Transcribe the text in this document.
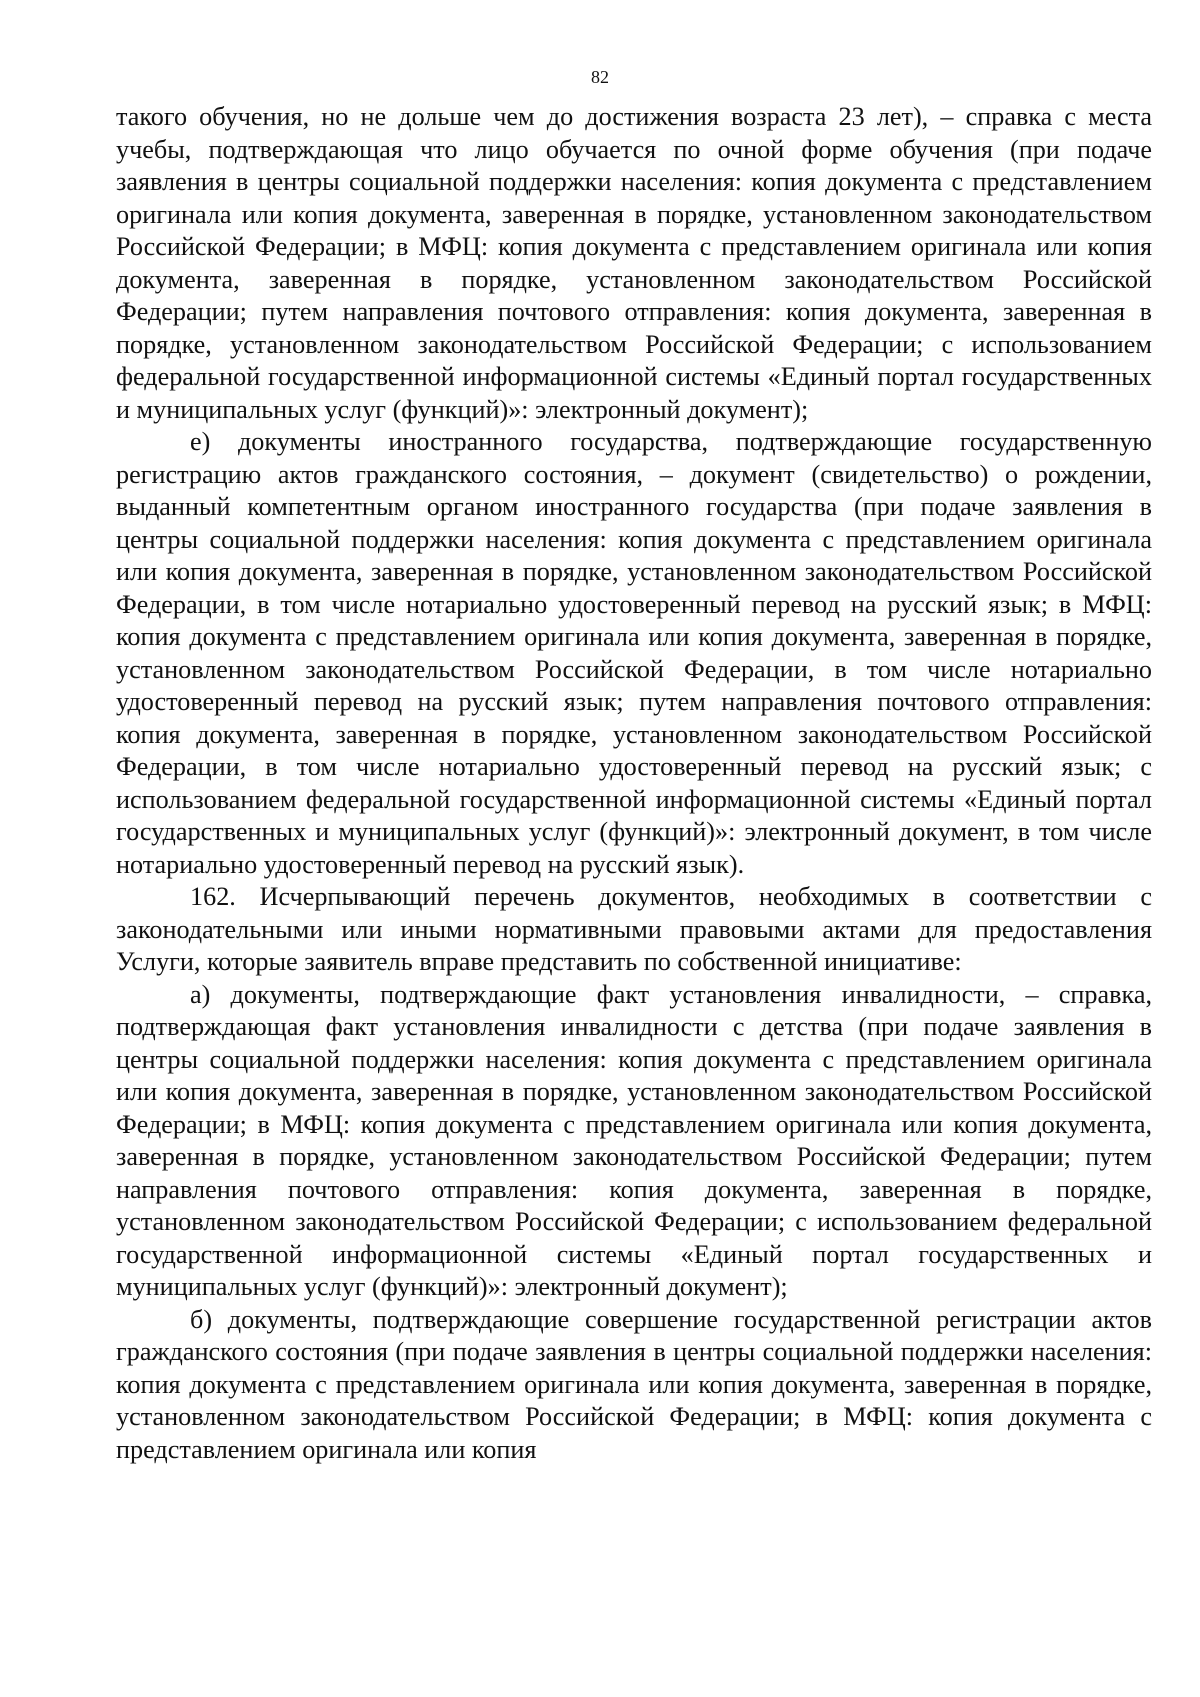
82

такого обучения, но не дольше чем до достижения возраста 23 лет), – справка с места учебы, подтверждающая что лицо обучается по очной форме обучения (при подаче заявления в центры социальной поддержки населения: копия документа с представлением оригинала или копия документа, заверенная в порядке, установленном законодательством Российской Федерации; в МФЦ: копия документа с представлением оригинала или копия документа, заверенная в порядке, установленном законодательством Российской Федерации; путем направления почтового отправления: копия документа, заверенная в порядке, установленном законодательством Российской Федерации; с использованием федеральной государственной информационной системы «Единый портал государственных и муниципальных услуг (функций)»: электронный документ);

е) документы иностранного государства, подтверждающие государственную регистрацию актов гражданского состояния, – документ (свидетельство) о рождении, выданный компетентным органом иностранного государства (при подаче заявления в центры социальной поддержки населения: копия документа с представлением оригинала или копия документа, заверенная в порядке, установленном законодательством Российской Федерации, в том числе нотариально удостоверенный перевод на русский язык; в МФЦ: копия документа с представлением оригинала или копия документа, заверенная в порядке, установленном законодательством Российской Федерации, в том числе нотариально удостоверенный перевод на русский язык; путем направления почтового отправления: копия документа, заверенная в порядке, установленном законодательством Российской Федерации, в том числе нотариально удостоверенный перевод на русский язык; с использованием федеральной государственной информационной системы «Единый портал государственных и муниципальных услуг (функций)»: электронный документ, в том числе нотариально удостоверенный перевод на русский язык).

162. Исчерпывающий перечень документов, необходимых в соответствии с законодательными или иными нормативными правовыми актами для предоставления Услуги, которые заявитель вправе представить по собственной инициативе:

а) документы, подтверждающие факт установления инвалидности, – справка, подтверждающая факт установления инвалидности с детства (при подаче заявления в центры социальной поддержки населения: копия документа с представлением оригинала или копия документа, заверенная в порядке, установленном законодательством Российской Федерации; в МФЦ: копия документа с представлением оригинала или копия документа, заверенная в порядке, установленном законодательством Российской Федерации; путем направления почтового отправления: копия документа, заверенная в порядке, установленном законодательством Российской Федерации; с использованием федеральной государственной информационной системы «Единый портал государственных и муниципальных услуг (функций)»: электронный документ);

б) документы, подтверждающие совершение государственной регистрации актов гражданского состояния (при подаче заявления в центры социальной поддержки населения: копия документа с представлением оригинала или копия документа, заверенная в порядке, установленном законодательством Российской Федерации; в МФЦ: копия документа с представлением оригинала или копия
